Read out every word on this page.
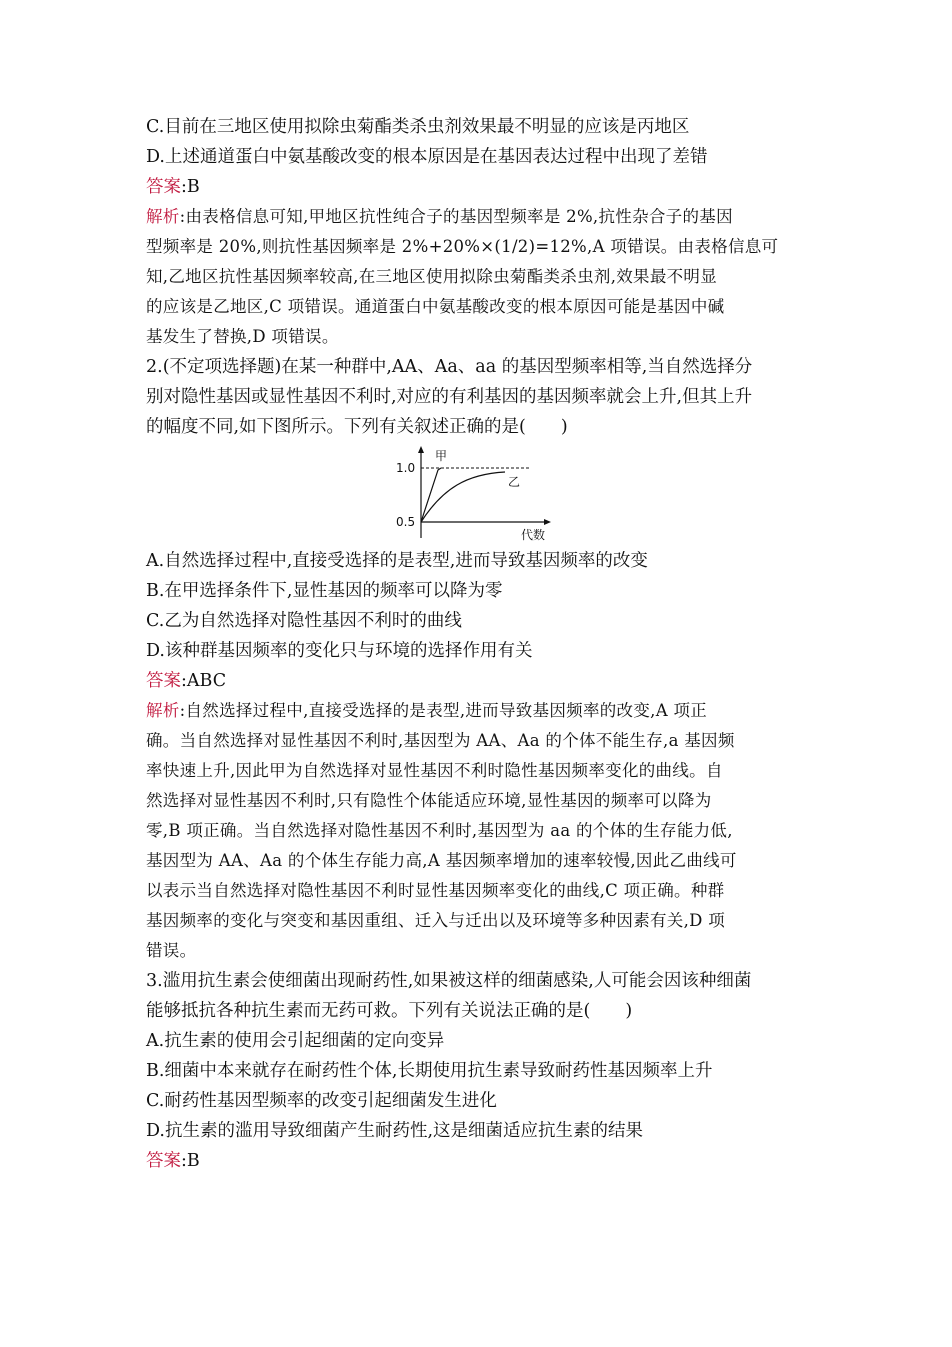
C.目前在三地区使用拟除虫菊酯类杀虫剂效果最不明显的应该是丙地区
D.上述通道蛋白中氨基酸改变的根本原因是在基因表达过程中出现了差错
答案:B
解析:由表格信息可知,甲地区抗性纯合子的基因型频率是 2%,抗性杂合子的基因
型频率是 20%,则抗性基因频率是 2%+20%×(1/2)=12%,A 项错误。由表格信息可
知,乙地区抗性基因频率较高,在三地区使用拟除虫菊酯类杀虫剂,效果最不明显
的应该是乙地区,C 项错误。通道蛋白中氨基酸改变的根本原因可能是基因中碱
基发生了替换,D 项错误。
2.(不定项选择题)在某一种群中,AA、Aa、aa 的基因型频率相等,当自然选择分
别对隐性基因或显性基因不利时,对应的有利基因的基因频率就会上升,但其上升
的幅度不同,如下图所示。下列有关叙述正确的是(　　)
1.0
0.5
甲
乙
代数
A.自然选择过程中,直接受选择的是表型,进而导致基因频率的改变
B.在甲选择条件下,显性基因的频率可以降为零
C.乙为自然选择对隐性基因不利时的曲线
D.该种群基因频率的变化只与环境的选择作用有关
答案:ABC
解析:自然选择过程中,直接受选择的是表型,进而导致基因频率的改变,A 项正
确。当自然选择对显性基因不利时,基因型为 AA、Aa 的个体不能生存,a 基因频
率快速上升,因此甲为自然选择对显性基因不利时隐性基因频率变化的曲线。自
然选择对显性基因不利时,只有隐性个体能适应环境,显性基因的频率可以降为
零,B 项正确。当自然选择对隐性基因不利时,基因型为 aa 的个体的生存能力低,
基因型为 AA、Aa 的个体生存能力高,A 基因频率增加的速率较慢,因此乙曲线可
以表示当自然选择对隐性基因不利时显性基因频率变化的曲线,C 项正确。种群
基因频率的变化与突变和基因重组、迁入与迁出以及环境等多种因素有关,D 项
错误。
3.滥用抗生素会使细菌出现耐药性,如果被这样的细菌感染,人可能会因该种细菌
能够抵抗各种抗生素而无药可救。下列有关说法正确的是(　　)
A.抗生素的使用会引起细菌的定向变异
B.细菌中本来就存在耐药性个体,长期使用抗生素导致耐药性基因频率上升
C.耐药性基因型频率的改变引起细菌发生进化
D.抗生素的滥用导致细菌产生耐药性,这是细菌适应抗生素的结果
答案:B
